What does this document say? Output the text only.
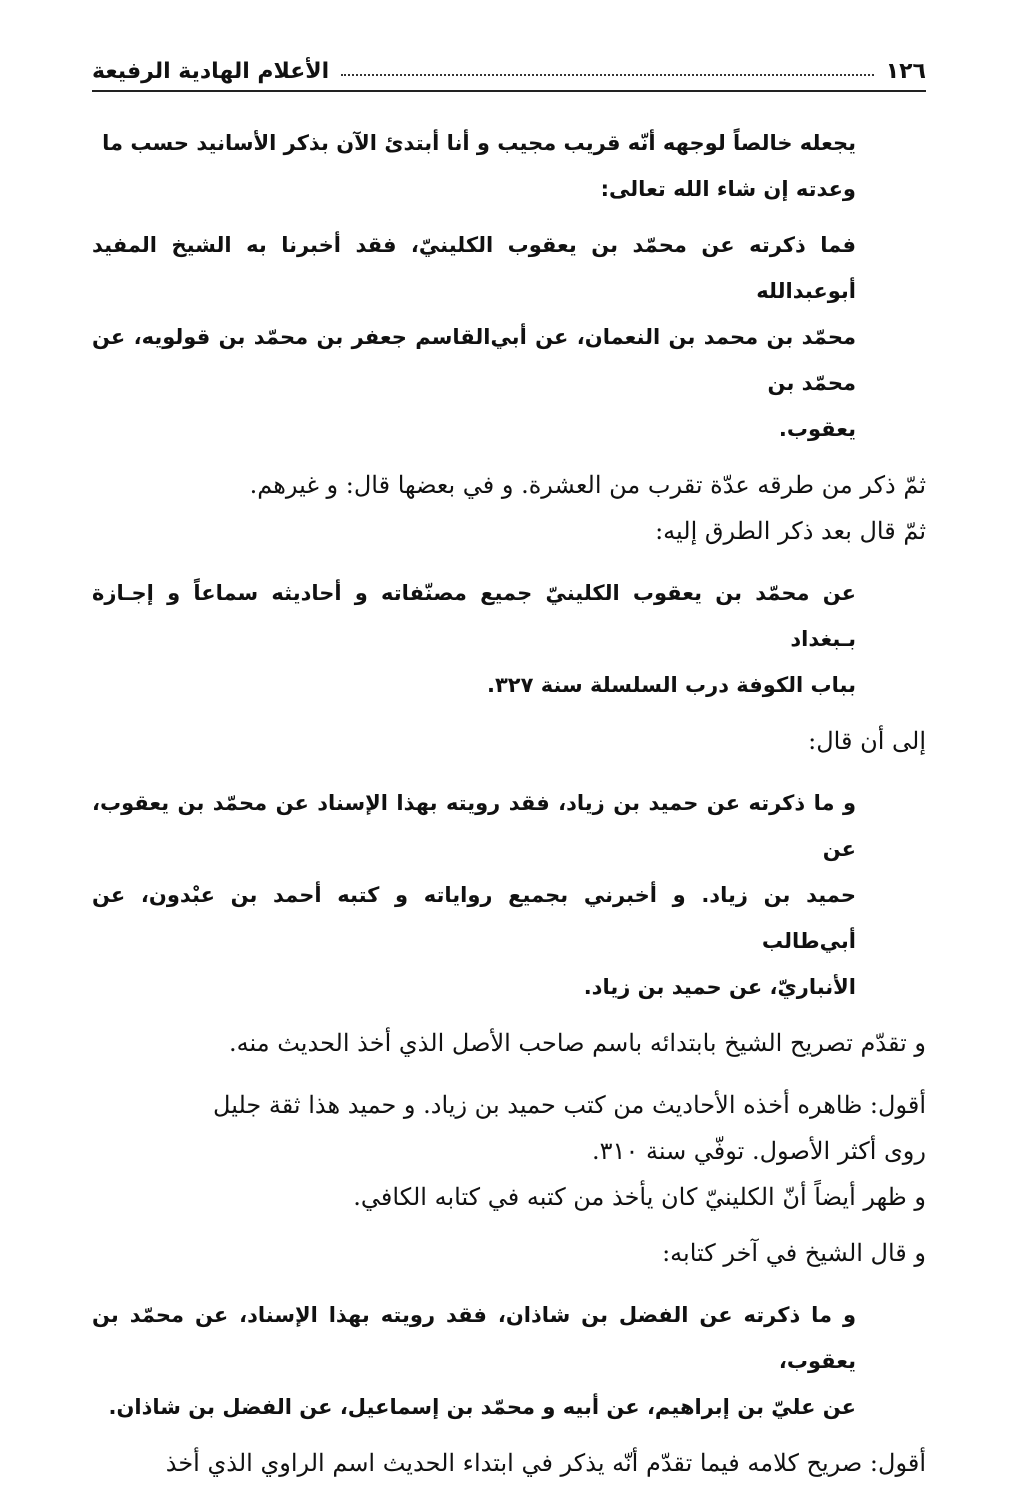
الأعلام الهادية الرفيعة	١٢٦

يجعله خالصاً لوجهه أنّه قريب مجيب و أنا أبتدئ الآن بذكر الأسانيد حسب ما

وعدته إن شاء الله تعالى:

فما ذكرته عن محمّد بن يعقوب الكلينيّ، فقد أخبرنا به الشيخ المفيد أبوعبدالله

محمّد بن محمد بن النعمان، عن أبي‌القاسم جعفر بن محمّد بن قولويه، عن محمّد بن

يعقوب.

ثمّ ذكر من طرقه عدّة تقرب من العشرة. و في بعضها قال: و غيرهم.

ثمّ قال بعد ذكر الطرق إليه:

عن محمّد بن يعقوب الكلينيّ جميع مصنّفاته و أحاديثه سماعاً و إجـازة بـبغداد

بباب الكوفة درب السلسلة سنة ٣٢٧.

إلى أن قال:

و ما ذكرته عن حميد بن زياد، فقد رويته بهذا الإسناد عن محمّد بن يعقوب، عن

حميد بن زياد. و أخبرني بجميع رواياته و كتبه أحمد بن عبْدون، عن أبي‌طالب

الأنباريّ، عن حميد بن زياد.

و تقدّم تصريح الشيخ بابتدائه باسم صاحب الأصل الذي أخذ الحديث منه.

أقول: ظاهره أخذه الأحاديث من كتب حميد بن زياد. و حميد هذا ثقة جليل

روى أكثر الأصول. توفّي سنة ٣١٠.

و ظهر أيضاً أنّ الكلينيّ كان يأخذ من كتبه في كتابه الكافي.

و قال الشيخ في آخر كتابه:

و ما ذكرته عن الفضل بن شاذان، فقد رويته بهذا الإسناد، عن محمّد بن يعقوب،

عن عليّ بن إبراهيم، عن أبيه و محمّد بن إسماعيل، عن الفضل بن شاذان.

أقول: صريح كلامه فيما تقدّم أنّه يذكر في ابتداء الحديث اسم الراوي الذي أخذ
